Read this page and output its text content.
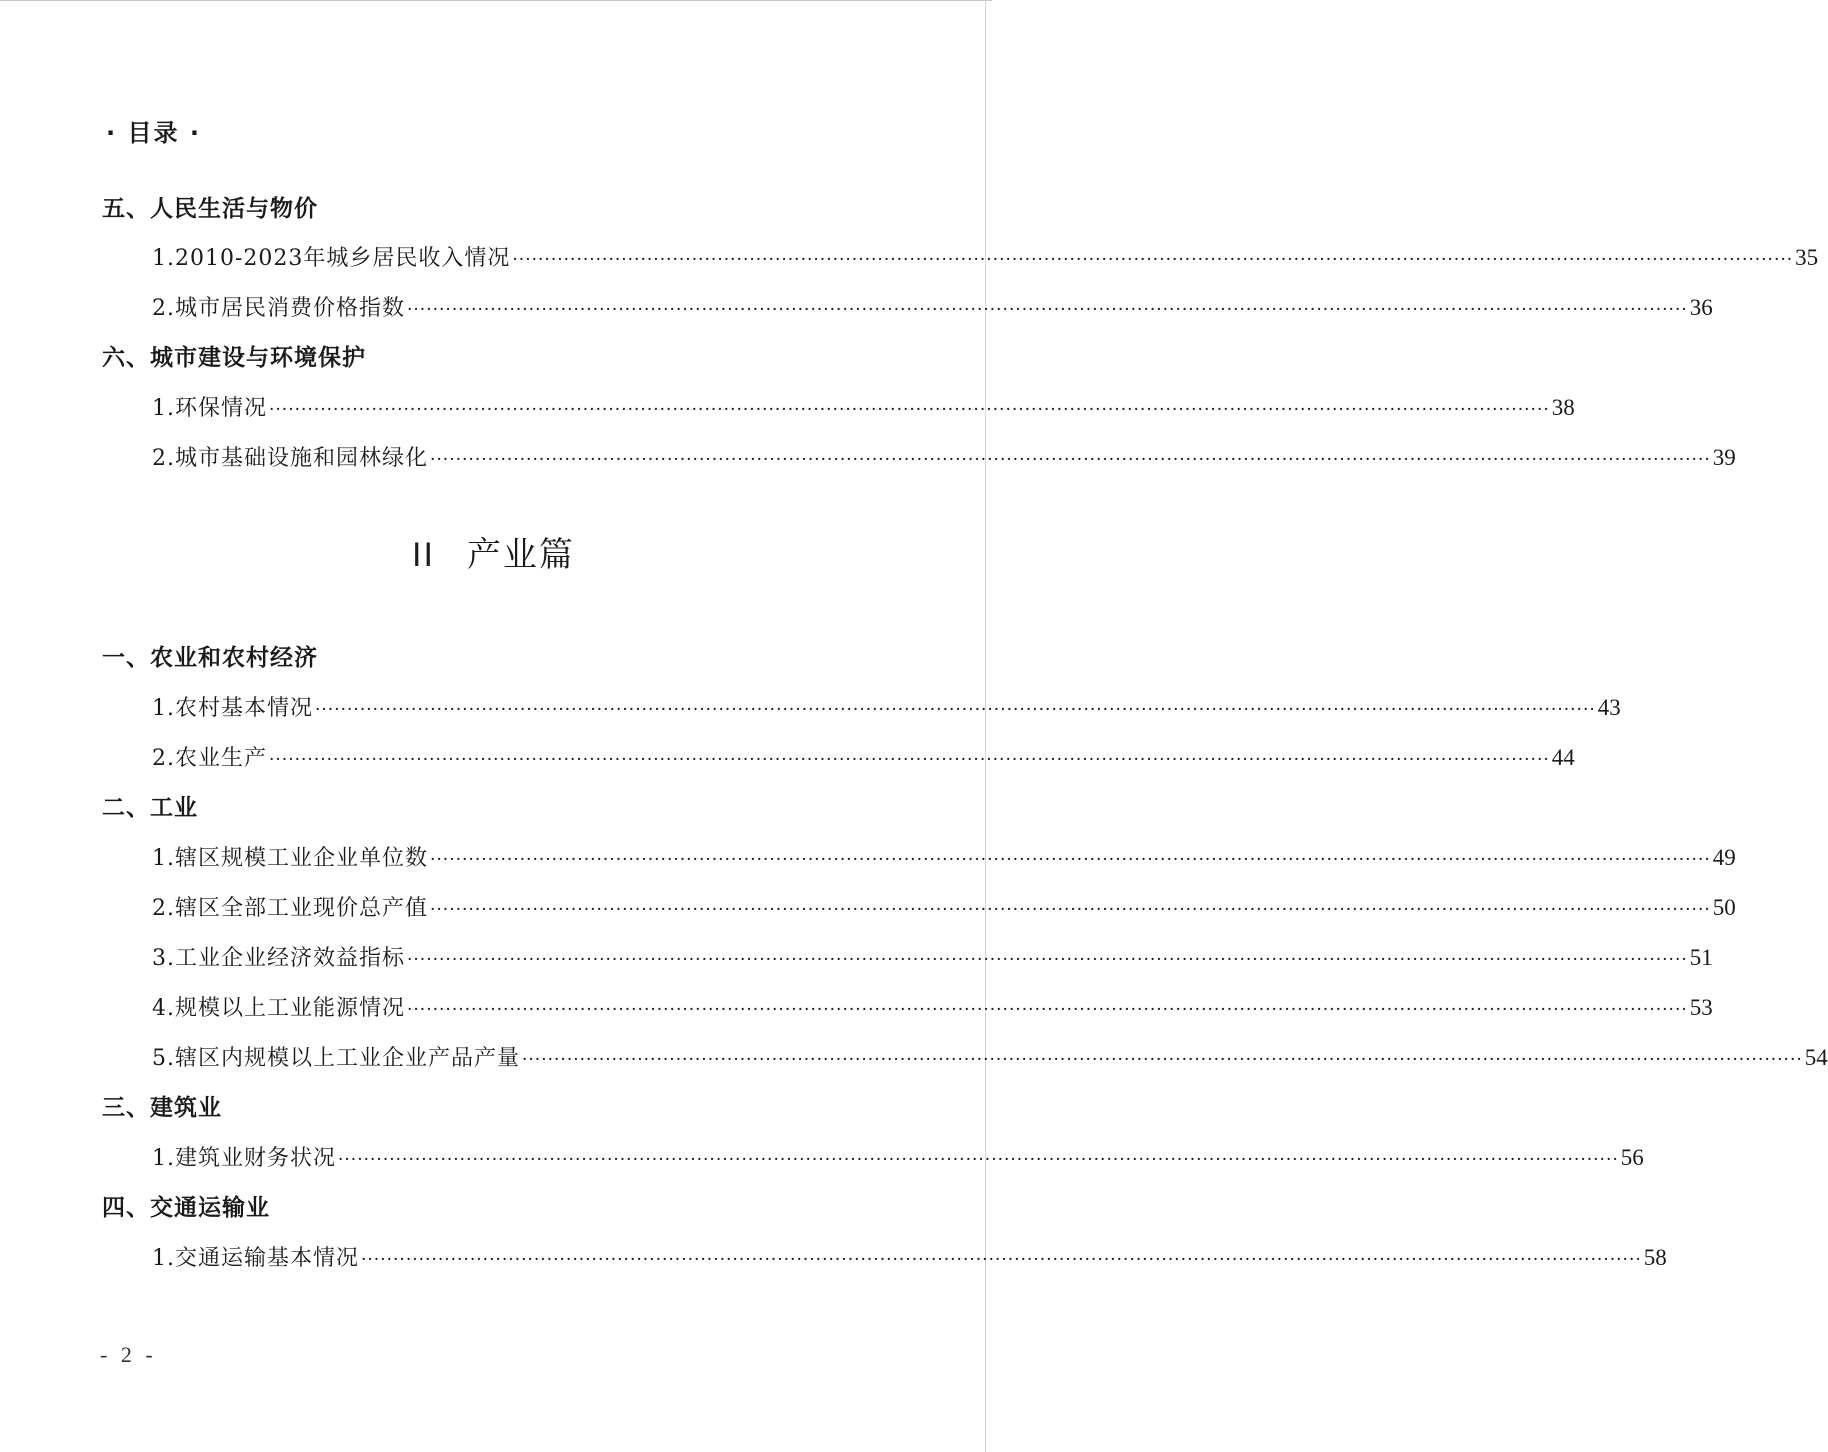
· 目录 ·
五、人民生活与物价
1.2010-2023年城乡居民收入情况 ········································································································································································································ 35
2.城市居民消费价格指数 ········································································································································································································ 36
六、城市建设与环境保护
1.环保情况 ········································································································································································································ 38
2.城市基础设施和园林绿化 ········································································································································································································ 39
II 产业篇
一、农业和农村经济
1.农村基本情况 ········································································································································································································ 43
2.农业生产 ········································································································································································································ 44
二、工业
1.辖区规模工业企业单位数 ········································································································································································································ 49
2.辖区全部工业现价总产值 ········································································································································································································ 50
3.工业企业经济效益指标 ········································································································································································································ 51
4.规模以上工业能源情况 ········································································································································································································ 53
5.辖区内规模以上工业企业产品产量 ········································································································································································································ 54
三、建筑业
1.建筑业财务状况 ········································································································································································································ 56
四、交通运输业
1.交通运输基本情况 ········································································································································································································ 58
- 2 -
